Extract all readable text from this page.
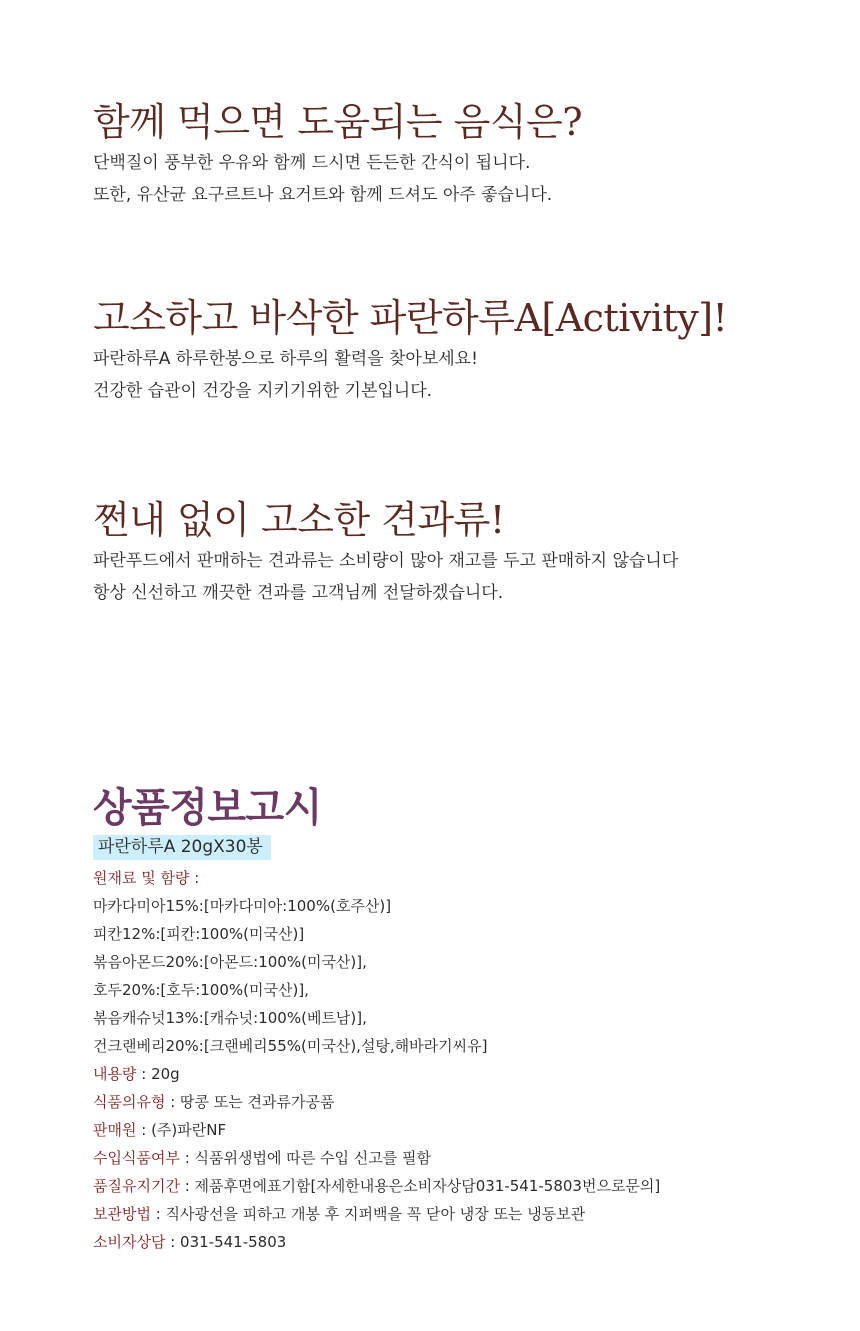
함께 먹으면 도움되는 음식은?

단백질이 풍부한 우유와 함께 드시면 든든한 간식이 됩니다.

또한, 유산균 요구르트나 요거트와 함께 드셔도 아주 좋습니다.

고소하고 바삭한 파란하루A[Activity]!

파란하루A 하루한봉으로 하루의 활력을 찾아보세요!

건강한 습관이 건강을 지키기위한 기본입니다.

쩐내 없이 고소한 견과류!

파란푸드에서 판매하는 견과류는 소비량이 많아 재고를 두고 판매하지 않습니다

항상 신선하고 깨끗한 견과를 고객님께 전달하겠습니다.

상품정보고시
파란하루A 20gX30봉
원재료 및 함량 :
마카다미아15%:[마카다미아:100%(호주산)]
피칸12%:[피칸:100%(미국산)]
볶음아몬드20%:[아몬드:100%(미국산)],
호두20%:[호두:100%(미국산)],
볶음캐슈넛13%:[캐슈넛:100%(베트남)],
건크랜베리20%:[크랜베리55%(미국산),설탕,해바라기씨유]
내용량 : 20g
식품의유형 : 땅콩 또는 견과류가공품
판매원 : (주)파란NF
수입식품여부 : 식품위생법에 따른 수입 신고를 필함
품질유지기간 : 제품후면에표기함[자세한내용은소비자상담031-541-5803번으로문의]
보관방법 : 직사광선을 피하고 개봉 후 지퍼백을 꼭 닫아 냉장 또는 냉동보관
소비자상담 : 031-541-5803
